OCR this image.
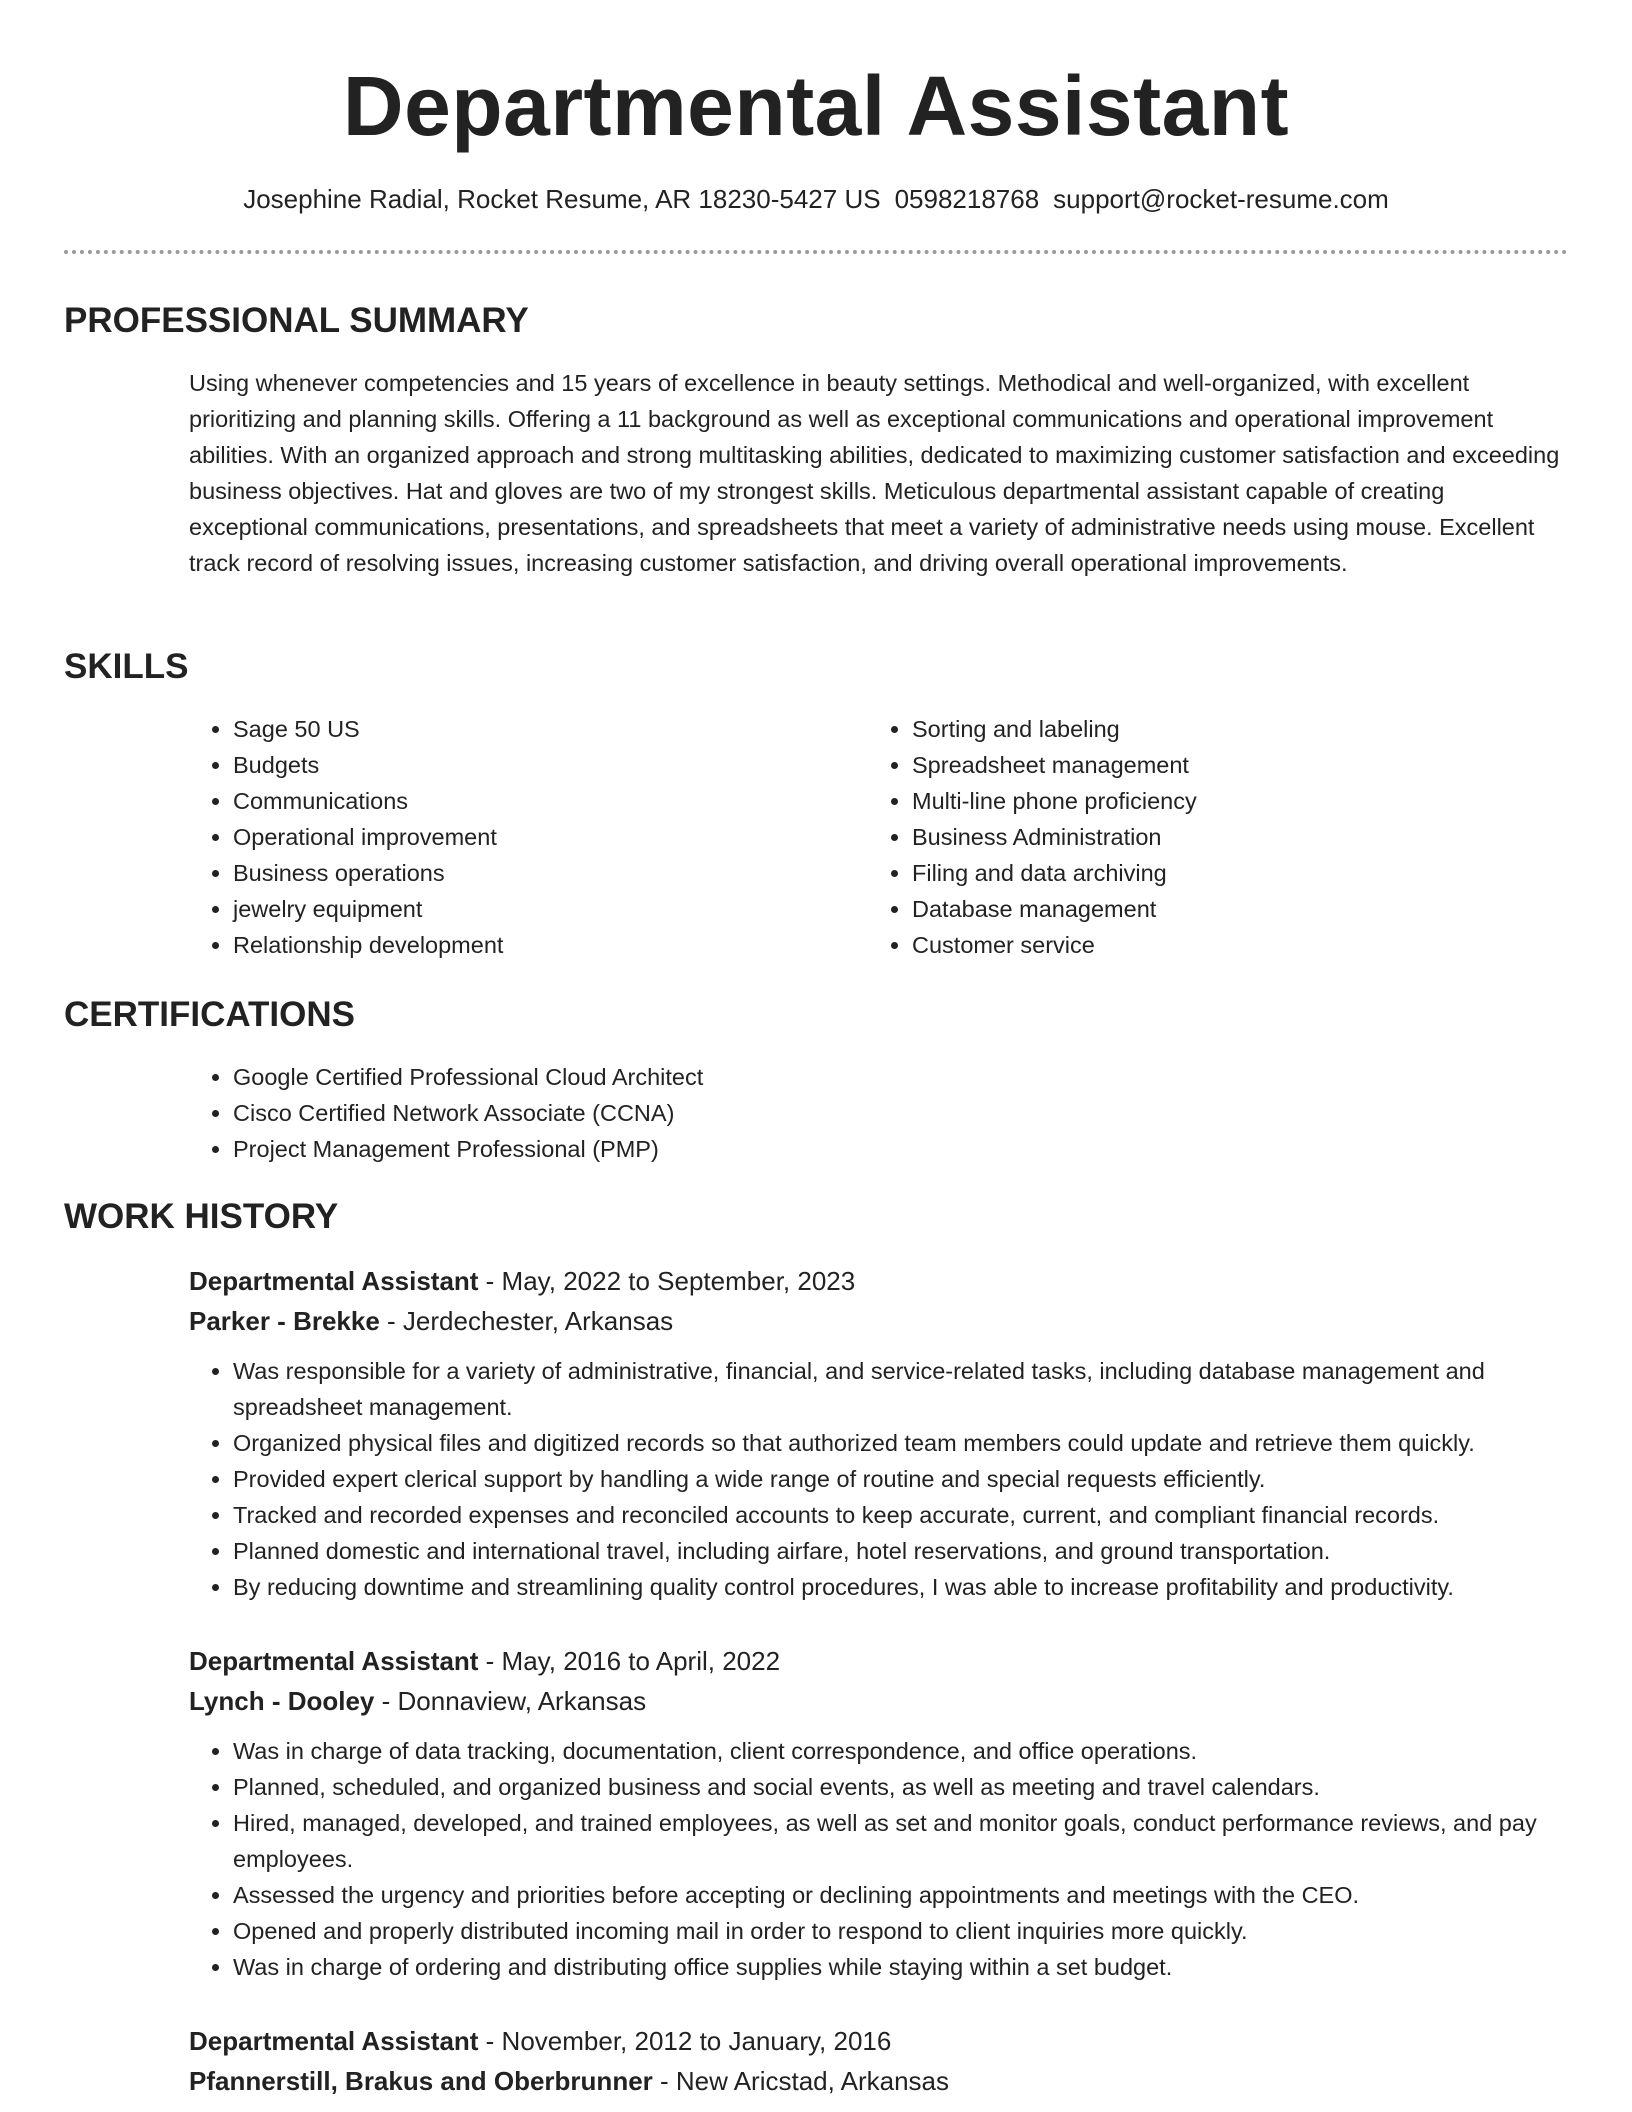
Departmental Assistant
Josephine Radial, Rocket Resume, AR 18230-5427 US 0598218768 support@rocket-resume.com
PROFESSIONAL SUMMARY
Using whenever competencies and 15 years of excellence in beauty settings. Methodical and well-organized, with excellent prioritizing and planning skills. Offering a 11 background as well as exceptional communications and operational improvement abilities. With an organized approach and strong multitasking abilities, dedicated to maximizing customer satisfaction and exceeding business objectives. Hat and gloves are two of my strongest skills. Meticulous departmental assistant capable of creating exceptional communications, presentations, and spreadsheets that meet a variety of administrative needs using mouse. Excellent track record of resolving issues, increasing customer satisfaction, and driving overall operational improvements.
SKILLS
• Sage 50 US
• Budgets
• Communications
• Operational improvement
• Business operations
• jewelry equipment
• Relationship development
• Sorting and labeling
• Spreadsheet management
• Multi-line phone proficiency
• Business Administration
• Filing and data archiving
• Database management
• Customer service
CERTIFICATIONS
• Google Certified Professional Cloud Architect
• Cisco Certified Network Associate (CCNA)
• Project Management Professional (PMP)
WORK HISTORY
Departmental Assistant - May, 2022 to September, 2023
Parker - Brekke - Jerdechester, Arkansas
• Was responsible for a variety of administrative, financial, and service-related tasks, including database management and spreadsheet management.
• Organized physical files and digitized records so that authorized team members could update and retrieve them quickly.
• Provided expert clerical support by handling a wide range of routine and special requests efficiently.
• Tracked and recorded expenses and reconciled accounts to keep accurate, current, and compliant financial records.
• Planned domestic and international travel, including airfare, hotel reservations, and ground transportation.
• By reducing downtime and streamlining quality control procedures, I was able to increase profitability and productivity.
Departmental Assistant - May, 2016 to April, 2022
Lynch - Dooley - Donnaview, Arkansas
• Was in charge of data tracking, documentation, client correspondence, and office operations.
• Planned, scheduled, and organized business and social events, as well as meeting and travel calendars.
• Hired, managed, developed, and trained employees, as well as set and monitor goals, conduct performance reviews, and pay employees.
• Assessed the urgency and priorities before accepting or declining appointments and meetings with the CEO.
• Opened and properly distributed incoming mail in order to respond to client inquiries more quickly.
• Was in charge of ordering and distributing office supplies while staying within a set budget.
Departmental Assistant - November, 2012 to January, 2016
Pfannerstill, Brakus and Oberbrunner - New Aricstad, Arkansas
